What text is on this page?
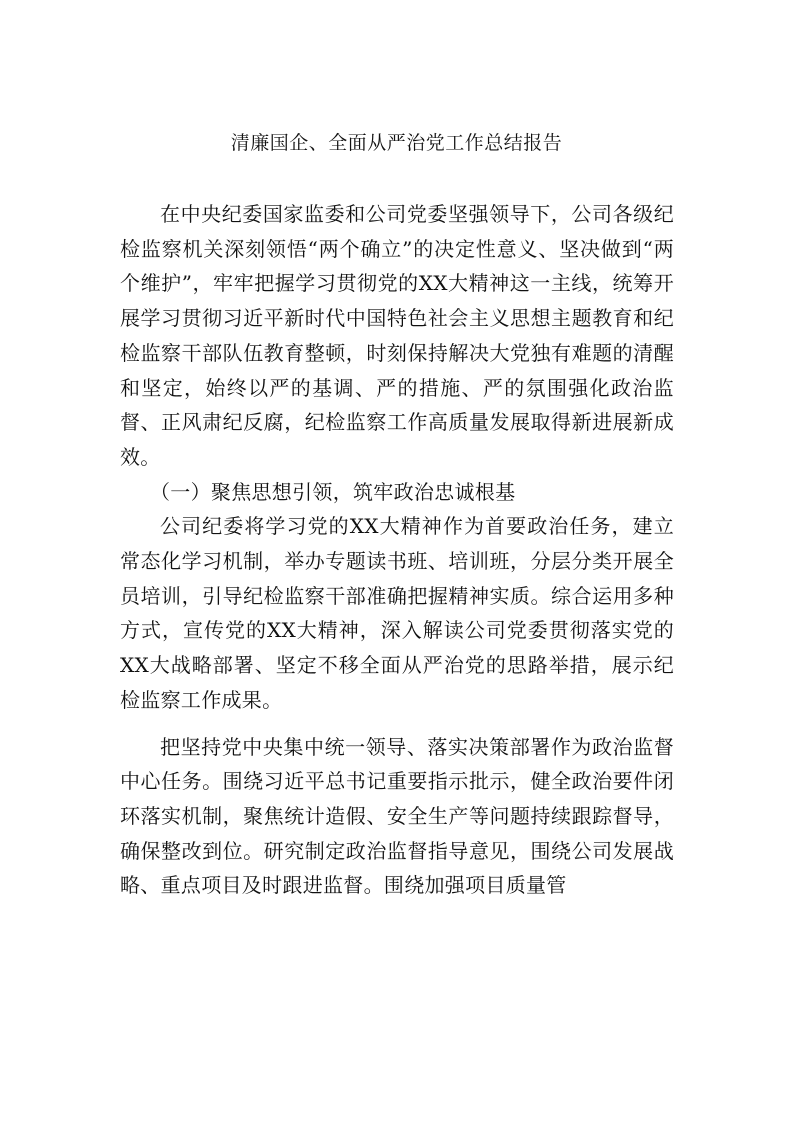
清廉国企、全面从严治党工作总结报告

在中央纪委国家监委和公司党委坚强领导下，公司各级纪检监察机关深刻领悟“两个确立”的决定性意义、坚决做到“两个维护”，牢牢把握学习贯彻党的XX大精神这一主线，统筹开展学习贯彻习近平新时代中国特色社会主义思想主题教育和纪检监察干部队伍教育整顿，时刻保持解决大党独有难题的清醒和坚定，始终以严的基调、严的措施、严的氛围强化政治监督、正风肃纪反腐，纪检监察工作高质量发展取得新进展新成效。

（一）聚焦思想引领，筑牢政治忠诚根基

公司纪委将学习党的XX大精神作为首要政治任务，建立常态化学习机制，举办专题读书班、培训班，分层分类开展全员培训，引导纪检监察干部准确把握精神实质。综合运用多种方式，宣传党的XX大精神，深入解读公司党委贯彻落实党的XX大战略部署、坚定不移全面从严治党的思路举措，展示纪检监察工作成果。

把坚持党中央集中统一领导、落实决策部署作为政治监督中心任务。围绕习近平总书记重要指示批示，健全政治要件闭环落实机制，聚焦统计造假、安全生产等问题持续跟踪督导，确保整改到位。研究制定政治监督指导意见，围绕公司发展战略、重点项目及时跟进监督。围绕加强项目质量管
